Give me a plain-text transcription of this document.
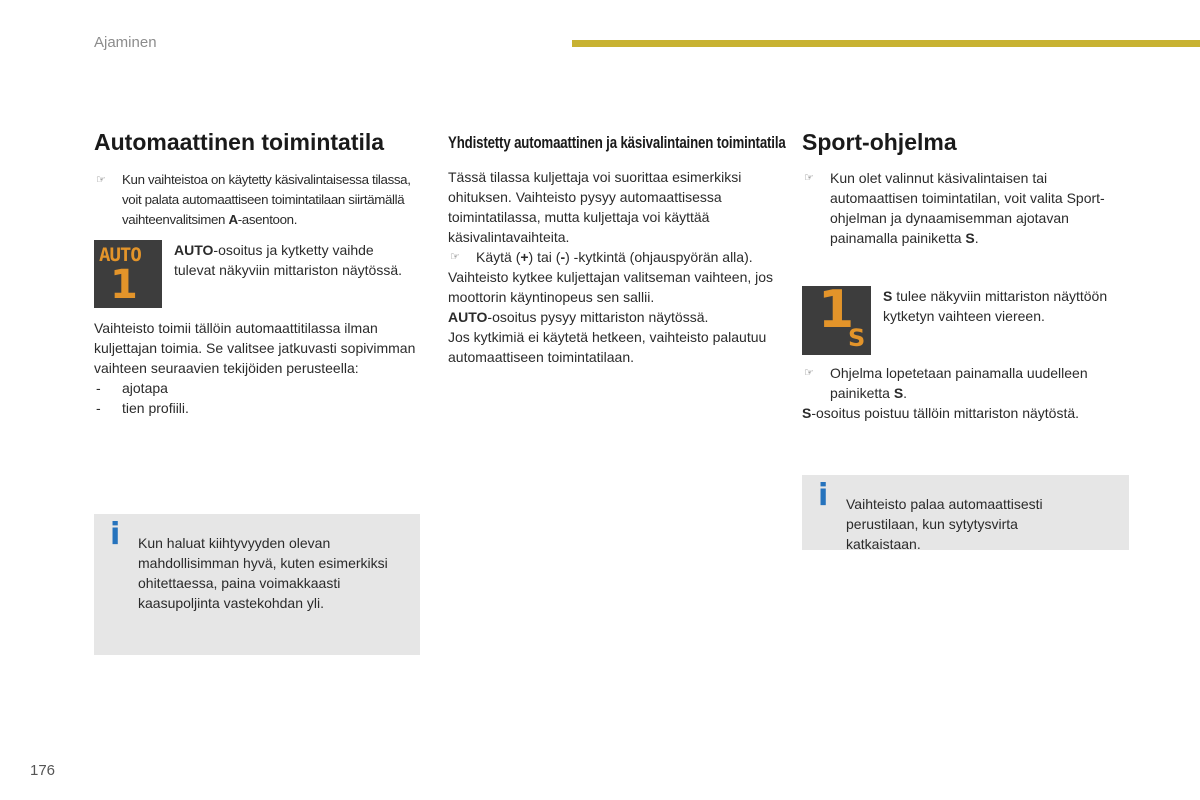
Ajaminen
Automaattinen toimintatila

☞ Kun vaihteistoa on käytetty käsivalintaisessa tilassa, voit palata automaattiseen toimintatilaan siirtämällä vaihteenvalitsimen A-asentoon.

AUTO
1

AUTO-osoitus ja kytketty vaihde tulevat näkyviin mittariston näytössä.

Vaihteisto toimii tällöin automaattitilassa ilman kuljettajan toimia. Se valitsee jatkuvasti sopivimman vaihteen seuraavien tekijöiden perusteella:

- ajotapa

- tien profiili.

i Kun haluat kiihtyvyyden olevan mahdollisimman hyvä, kuten esimerkiksi ohitettaessa, paina voimakkaasti kaasupoljinta vastekohdan yli.

Yhdistetty automaattinen ja käsivalintainen toimintatila

Tässä tilassa kuljettaja voi suorittaa esimerkiksi ohituksen. Vaihteisto pysyy automaattisessa toimintatilassa, mutta kuljettaja voi käyttää käsivalintavaihteita.

☞ Käytä (+) tai (-) -kytkintä (ohjauspyörän alla).

Vaihteisto kytkee kuljettajan valitseman vaihteen, jos moottorin käyntinopeus sen sallii.

AUTO-osoitus pysyy mittariston näytössä.

Jos kytkimiä ei käytetä hetkeen, vaihteisto palautuu automaattiseen toimintatilaan.

Sport-ohjelma

☞ Kun olet valinnut käsivalintaisen tai automaattisen toimintatilan, voit valita Sport-ohjelman ja dynaamisemman ajotavan painamalla painiketta S.

1
S

S tulee näkyviin mittariston näyttöön kytketyn vaihteen viereen.

☞ Ohjelma lopetetaan painamalla uudelleen painiketta S.

S-osoitus poistuu tällöin mittariston näytöstä.

i Vaihteisto palaa automaattisesti perustilaan, kun sytytysvirta katkaistaan.

176
